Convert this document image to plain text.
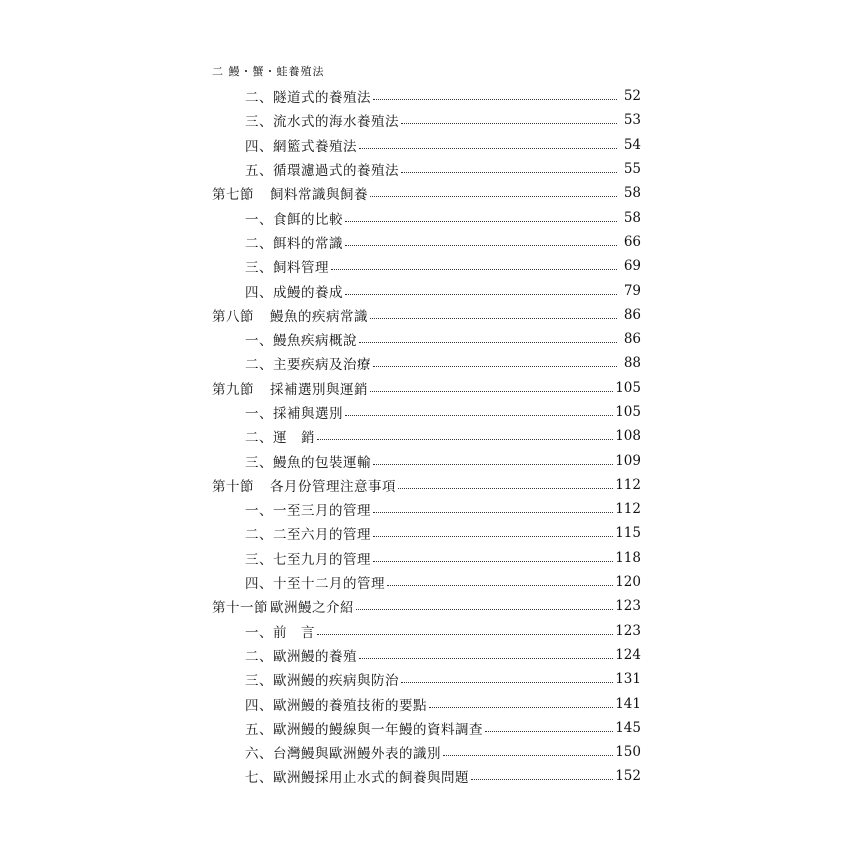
二 鰻・蟹・蛙養殖法
二、隧道式的養殖法	52
三、流水式的海水養殖法	53
四、網籃式養殖法	54
五、循環濾過式的養殖法	55
第七節 飼料常識與飼養	58
一、食餌的比較	58
二、餌料的常識	66
三、飼料管理	69
四、成鰻的養成	79
第八節 鰻魚的疾病常識	86
一、鰻魚疾病概說	86
二、主要疾病及治療	88
第九節 採補選別與運銷	105
一、採補與選別	105
二、運　銷	108
三、鰻魚的包裝運輸	109
第十節 各月份管理注意事項	112
一、一至三月的管理	112
二、二至六月的管理	115
三、七至九月的管理	118
四、十至十二月的管理	120
第十一節 歐洲鰻之介紹	123
一、前　言	123
二、歐洲鰻的養殖	124
三、歐洲鰻的疾病與防治	131
四、歐洲鰻的養殖技術的要點	141
五、歐洲鰻的鰻線與一年鰻的資料調查	145
六、台灣鰻與歐洲鰻外表的識別	150
七、歐洲鰻採用止水式的飼養與問題	152
